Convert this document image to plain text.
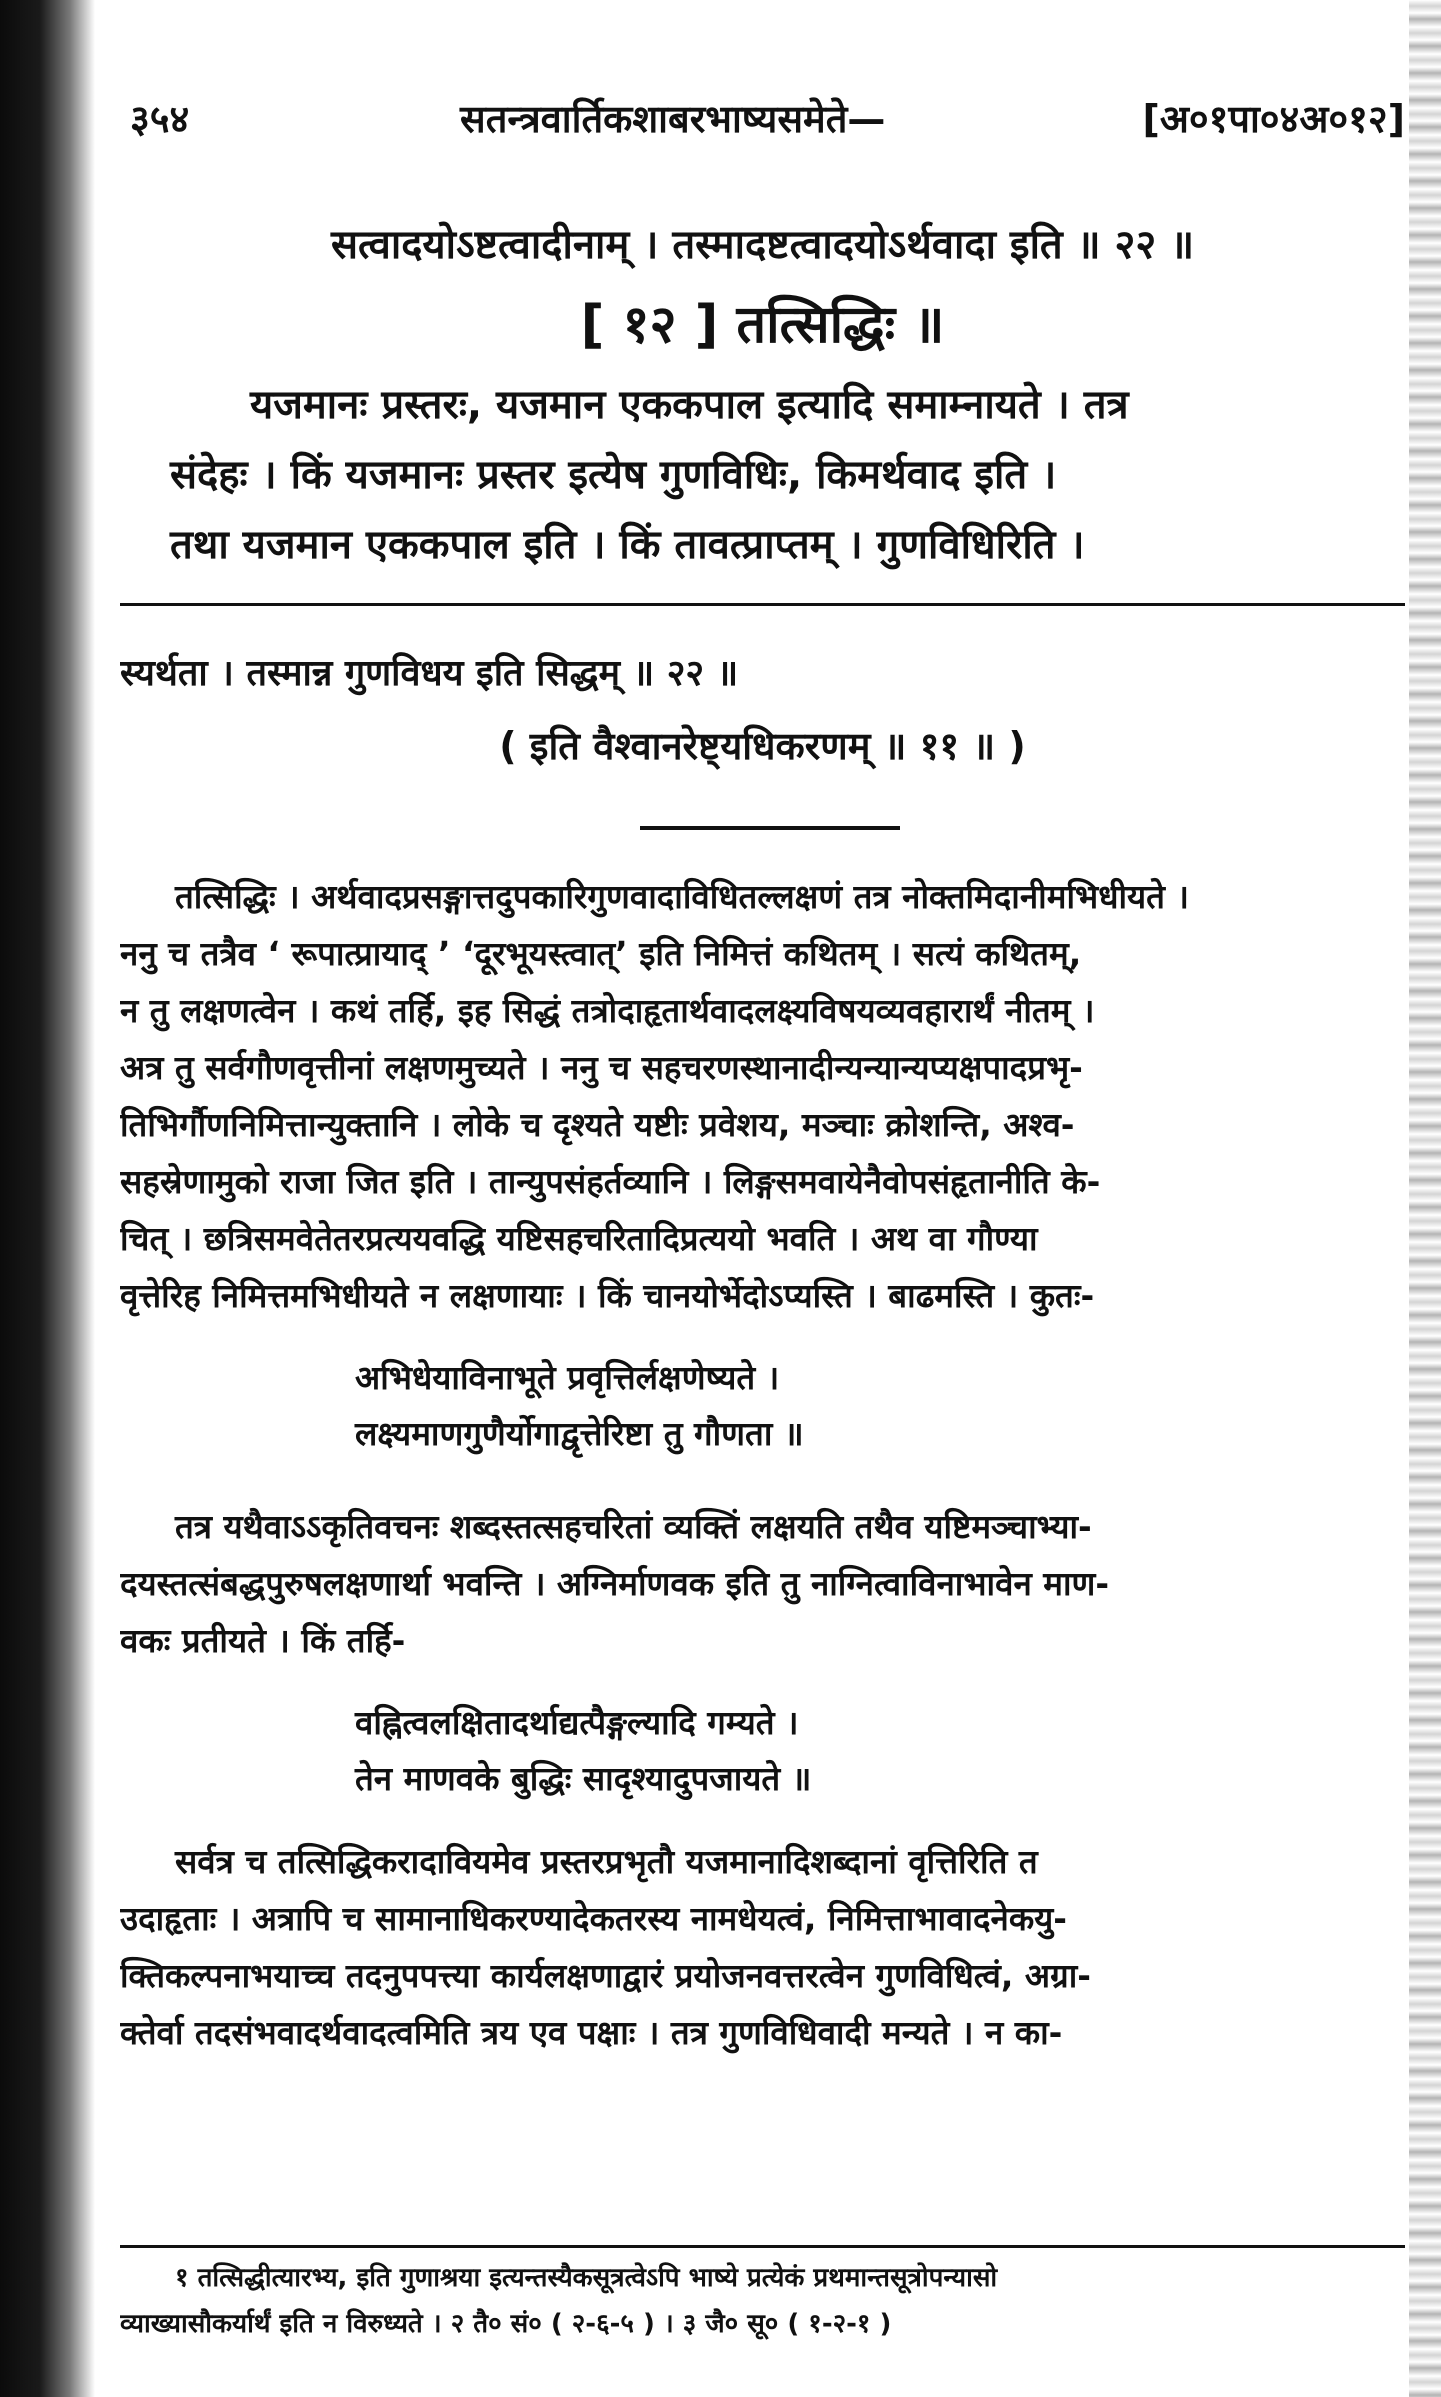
३५४	सतन्त्रवार्तिकशाबरभाष्यसमेते—	[अ०१पा०४अ०१२]
सत्वादयोऽष्टत्वादीनाम् । तस्मादष्टत्वादयोऽर्थवादा इति ॥ २२ ॥
[ १२ ] तत्सिद्धिः ॥
यजमानः प्रस्तरः, यजमान एककपाल इत्यादि समाम्नायते । तत्र
संदेहः । किं यजमानः प्रस्तर इत्येष गुणविधिः, किमर्थवाद इति ।
तथा यजमान एककपाल इति । किं तावत्प्राप्तम् । गुणविधिरिति ।
स्यर्थता । तस्मान्न गुणविधय इति सिद्धम् ॥ २२ ॥
( इति वैश्वानरेष्ट्यधिकरणम् ॥ ११ ॥ )
तत्सिद्धिः । अर्थवादप्रसङ्गात्तदुपकारिगुणवादाविधितल्लक्षणं तत्र नोक्तमिदानीमभिधीयते ।
ननु च तत्रैव ‘ रूपात्प्रायाद् ’ ‘दूरभूयस्त्वात्’ इति निमित्तं कथितम् । सत्यं कथितम्,
न तु लक्षणत्वेन । कथं तर्हि, इह सिद्धं तत्रोदाहृतार्थवादलक्ष्यविषयव्यवहारार्थं नीतम् ।
अत्र तु सर्वगौणवृत्तीनां लक्षणमुच्यते । ननु च सहचरणस्थानादीन्यन्यान्यप्यक्षपादप्रभृ-
तिभिर्गौणनिमित्तान्युक्तानि । लोके च दृश्यते यष्टीः प्रवेशय, मञ्चाः क्रोशन्ति, अश्व-
सहस्रेणामुको राजा जित इति । तान्युपसंहर्तव्यानि । लिङ्गसमवायेनैवोपसंहृतानीति के-
चित् । छत्रिसमवेतेतरप्रत्ययवद्धि यष्टिसहचरितादिप्रत्ययो भवति । अथ वा गौण्या
वृत्तेरिह निमित्तमभिधीयते न लक्षणायाः । किं चानयोर्भेदोऽप्यस्ति । बाढमस्ति । कुतः-
अभिधेयाविनाभूते प्रवृत्तिर्लक्षणेष्यते ।
लक्ष्यमाणगुणैर्योगाद्वृत्तेरिष्टा तु गौणता ॥
तत्र यथैवाऽऽकृतिवचनः शब्दस्तत्सहचरितां व्यक्तिं लक्षयति तथैव यष्टिमञ्चाभ्या-
दयस्तत्संबद्धपुरुषलक्षणार्था भवन्ति । अग्निर्माणवक इति तु नाग्नित्वाविनाभावेन माण-
वकः प्रतीयते । किं तर्हि-
वह्नित्वलक्षितादर्थाद्यत्पैङ्गल्यादि गम्यते ।
तेन माणवके बुद्धिः सादृश्यादुपजायते ॥
सर्वत्र च तत्सिद्धिकरादावियमेव प्रस्तरप्रभृतौ यजमानादिशब्दानां वृत्तिरिति त
उदाहृताः । अत्रापि च सामानाधिकरण्यादेकतरस्य नामधेयत्वं, निमित्ताभावादनेकयु-
क्तिकल्पनाभयाच्च तदनुपपत्त्या कार्यलक्षणाद्वारं प्रयोजनवत्तरत्वेन गुणविधित्वं, अग्रा-
क्तेर्वा तदसंभवादर्थवादत्वमिति त्रय एव पक्षाः । तत्र गुणविधिवादी मन्यते । न का-
१ तत्सिद्धीत्यारभ्य, इति गुणाश्रया इत्यन्तस्यैकसूत्रत्वेऽपि भाष्ये प्रत्येकं प्रथमान्तसूत्रोपन्यासो
व्याख्यासौकर्यार्थं इति न विरुध्यते । २ तै० सं० ( २-६-५ ) । ३ जै० सू० ( १-२-१ )
